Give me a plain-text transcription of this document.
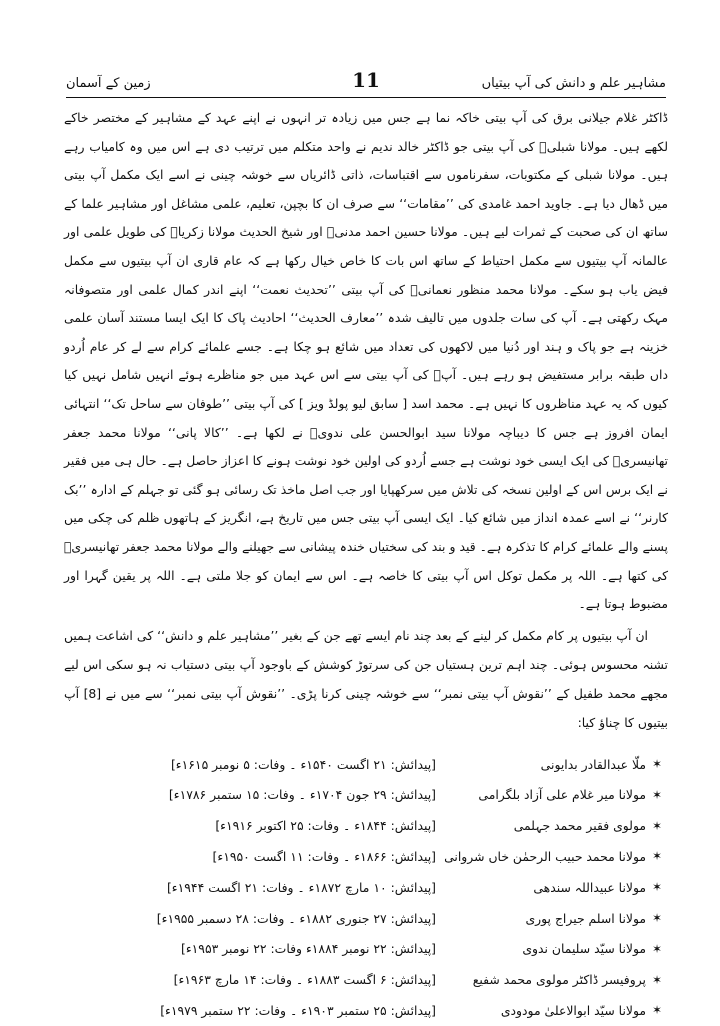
مشاہیر علم و دانش کی آپ بیتیاں
11
زمین کے آسمان

ڈاکٹر غلام جیلانی برق کی آپ بیتی خاکہ نما ہے جس میں زیادہ تر انہوں نے اپنے عہد کے مشاہیر کے مختصر خاکے لکھے ہیں۔ مولانا شبلیؒ کی آپ بیتی جو ڈاکٹر خالد ندیم نے واحد متکلم میں ترتیب دی ہے اس میں وہ کامیاب رہے ہیں۔ مولانا شبلی کے مکتوبات، سفرناموں سے اقتباسات، ذاتی ڈائریاں سے خوشہ چینی نے اسے ایک مکمل آپ بیتی میں ڈھال دیا ہے۔ جاوید احمد غامدی کی ’’مقامات‘‘ سے صرف ان کا بچپن، تعلیم، علمی مشاغل اور مشاہیر علما کے ساتھ ان کی صحبت کے ثمرات لیے ہیں۔ مولانا حسین احمد مدنیؒ اور شیخ الحدیث مولانا زکریاؒ کی طویل علمی اور عالمانہ آپ بیتیوں سے مکمل احتیاط کے ساتھ اس بات کا خاص خیال رکھا ہے کہ عام قاری ان آپ بیتیوں سے مکمل فیض یاب ہو سکے۔ مولانا محمد منظور نعمانیؒ کی آپ بیتی ’’تحدیث نعمت‘‘ اپنے اندر کمال علمی اور متصوفانہ مہک رکھتی ہے۔ آپ کی سات جلدوں میں تالیف شدہ ’’معارف الحدیث‘‘ احادیث پاک کا ایک ایسا مستند آسان علمی خزینہ ہے جو پاک و ہند اور دُنیا میں لاکھوں کی تعداد میں شائع ہو چکا ہے۔ جسے علمائے کرام سے لے کر عام اُردو داں طبقہ برابر مستفیض ہو رہے ہیں۔ آپؒ کی آپ بیتی سے اس عہد میں جو مناظرے ہوئے انہیں شامل نہیں کیا کیوں کہ یہ عہد مناظروں کا نہیں ہے۔ محمد اسد [ سابق لیو پولڈ ویز ] کی آپ بیتی ’’طوفان سے ساحل تک‘‘ انتہائی ایمان افروز ہے جس کا دیباچہ مولانا سید ابوالحسن علی ندویؒ نے لکھا ہے۔ ’’کالا پانی‘‘ مولانا محمد جعفر تھانیسریؒ کی ایک ایسی خود نوشت ہے جسے اُردو کی اولین خود نوشت ہونے کا اعزاز حاصل ہے۔ حال ہی میں فقیر نے ایک برس اس کے اولین نسخہ کی تلاش میں سرکھپایا اور جب اصل ماخذ تک رسائی ہو گئی تو جہلم کے ادارہ ’’بک کارنر‘‘ نے اسے عمدہ انداز میں شائع کیا۔ ایک ایسی آپ بیتی جس میں تاریخ ہے، انگریز کے ہاتھوں ظلم کی چکی میں پسنے والے علمائے کرام کا تذکرہ ہے۔ قید و بند کی سختیاں خندہ پیشانی سے جھیلنے والے مولانا محمد جعفر تھانیسریؒ کی کتھا ہے۔ اللہ پر مکمل توکل اس آپ بیتی کا خاصہ ہے۔ اس سے ایمان کو جلا ملتی ہے۔ اللہ پر یقین گہرا اور مضبوط ہوتا ہے۔

ان آپ بیتیوں پر کام مکمل کر لینے کے بعد چند نام ایسے تھے جن کے بغیر ’’مشاہیر علم و دانش‘‘ کی اشاعت ہمیں تشنہ محسوس ہوئی۔ چند اہم ترین ہستیاں جن کی سرتوڑ کوشش کے باوجود آپ بیتی دستیاب نہ ہو سکی اس لیے مجھے محمد طفیل کے ’’نقوش آپ بیتی نمبر‘‘ سے خوشہ چینی کرنا پڑی۔ ’’نقوش آپ بیتی نمبر‘‘ سے میں نے [8] آپ بیتیوں کا چناؤ کیا:

✶
ملّا عبدالقادر بدایونی
[پیدائش: ۲۱ اگست ۱۵۴۰ء ۔ وفات: ۵ نومبر ۱۶۱۵ء]
✶
مولانا میر غلام علی آزاد بلگرامی
[پیدائش: ۲۹ جون ۱۷۰۴ء ۔ وفات: ۱۵ ستمبر ۱۷۸۶ء]
✶
مولوی فقیر محمد جہلمی
[پیدائش: ۱۸۴۴ء ۔ وفات: ۲۵ اکتوبر ۱۹۱۶ء]
✶
مولانا محمد حبیب الرحمٰن خاں شروانی
[پیدائش: ۱۸۶۶ء ۔ وفات: ۱۱ اگست ۱۹۵۰ء]
✶
مولانا عبیداللہ سندھی
[پیدائش: ۱۰ مارچ ۱۸۷۲ء ۔ وفات: ۲۱ اگست ۱۹۴۴ء]
✶
مولانا اسلم جیراج پوری
[پیدائش: ۲۷ جنوری ۱۸۸۲ء ۔ وفات: ۲۸ دسمبر ۱۹۵۵ء]
✶
مولانا سیّد سلیمان ندوی
[پیدائش: ۲۲ نومبر ۱۸۸۴ء وفات: ۲۲ نومبر ۱۹۵۳ء]
✶
پروفیسر ڈاکٹر مولوی محمد شفیع
[پیدائش: ۶ اگست ۱۸۸۳ء ۔ وفات: ۱۴ مارچ ۱۹۶۳ء]
✶
مولانا سیّد ابوالاعلیٰ مودودی
[پیدائش: ۲۵ ستمبر ۱۹۰۳ء ۔ وفات: ۲۲ ستمبر ۱۹۷۹ء]
